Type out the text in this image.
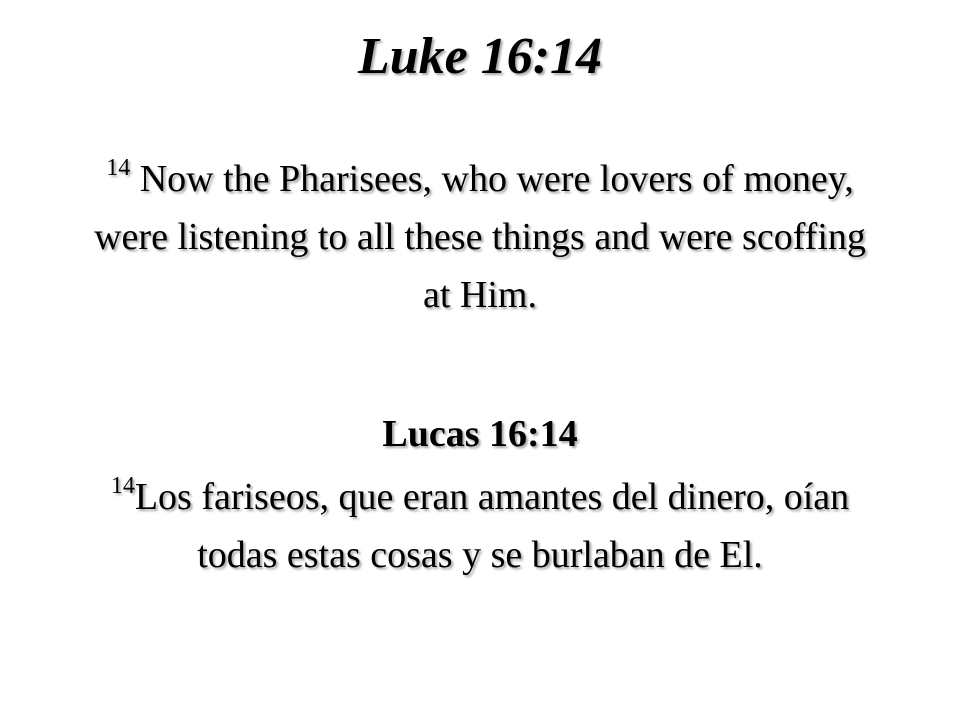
Luke 16:14
$^{14}$ Now the Pharisees, who were lovers of money, were listening to all these things and were scoffing at Him.
Lucas 16:14
$^{14}$Los fariseos, que eran amantes del dinero, oían todas estas cosas y se burlaban de El.
